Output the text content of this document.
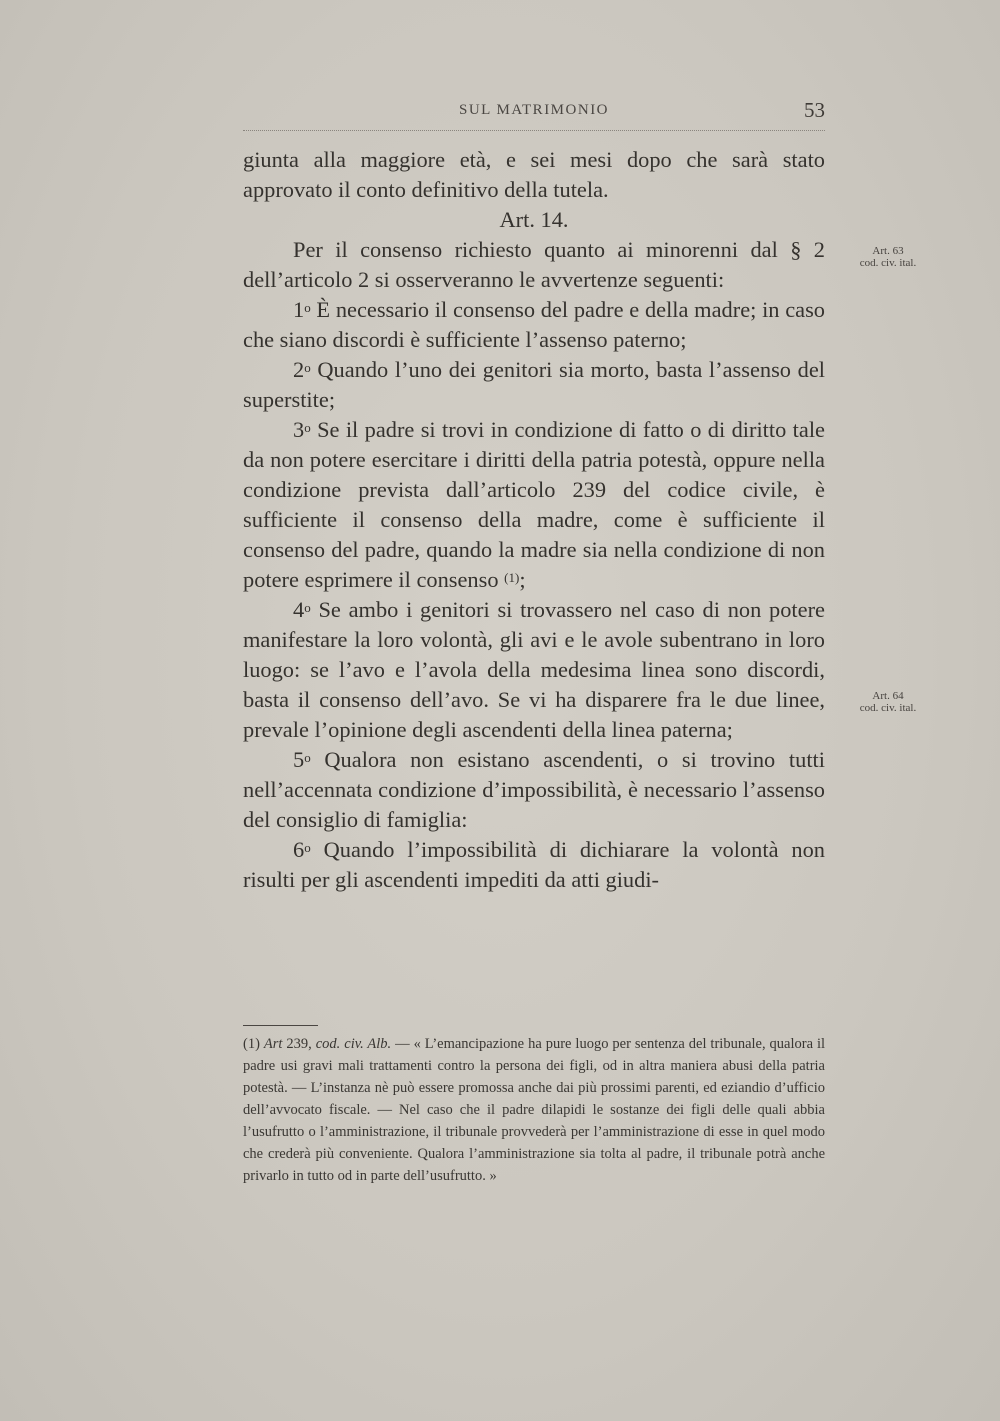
SUL MATRIMONIO	53

giunta alla maggiore età, e sei mesi dopo che sarà stato approvato il conto definitivo della tutela.

Art. 14.

Per il consenso richiesto quanto ai minorenni dal § 2 dell’articolo 2 si osserveranno le avvertenze seguenti:

1$^o$ È necessario il consenso del padre e della madre; in caso che siano discordi è sufficiente l’assenso paterno;

2$^o$ Quando l’uno dei genitori sia morto, basta l’assenso del superstite;

3$^o$ Se il padre si trovi in condizione di fatto o di diritto tale da non potere esercitare i diritti della patria potestà, oppure nella condizione prevista dall’articolo 239 del codice civile, è sufficiente il consenso della madre, come è sufficiente il consenso del padre, quando la madre sia nella condizione di non potere esprimere il consenso $^{(1)}$;

4$^o$ Se ambo i genitori si trovassero nel caso di non potere manifestare la loro volontà, gli avi e le avole subentrano in loro luogo: se l’avo e l’avola della medesima linea sono discordi, basta il consenso dell’avo. Se vi ha disparere fra le due linee, prevale l’opinione degli ascendenti della linea paterna;

5$^o$ Qualora non esistano ascendenti, o si trovino tutti nell’accennata condizione d’impossibilità, è necessario l’assenso del consiglio di famiglia:

6$^o$ Quando l’impossibilità di dichiarare la volontà non risulti per gli ascendenti impediti da atti giudi-

Art. 63
cod. civ. ital.
Art. 64
cod. civ. ital.

(1) Art 239, cod. civ. Alb. — « L’emancipazione ha pure luogo per sentenza del tribunale, qualora il padre usi gravi mali trattamenti contro la persona dei figli, od in altra maniera abusi della patria potestà. — L’instanza nè può essere promossa anche dai più prossimi parenti, ed eziandio d’ufficio dell’avvocato fiscale. — Nel caso che il padre dilapidi le sostanze dei figli delle quali abbia l’usufrutto o l’amministrazione, il tribunale provvederà per l’amministrazione di esse in quel modo che crederà più conveniente. Qualora l’amministrazione sia tolta al padre, il tribunale potrà anche privarlo in tutto od in parte dell’usufrutto. »
